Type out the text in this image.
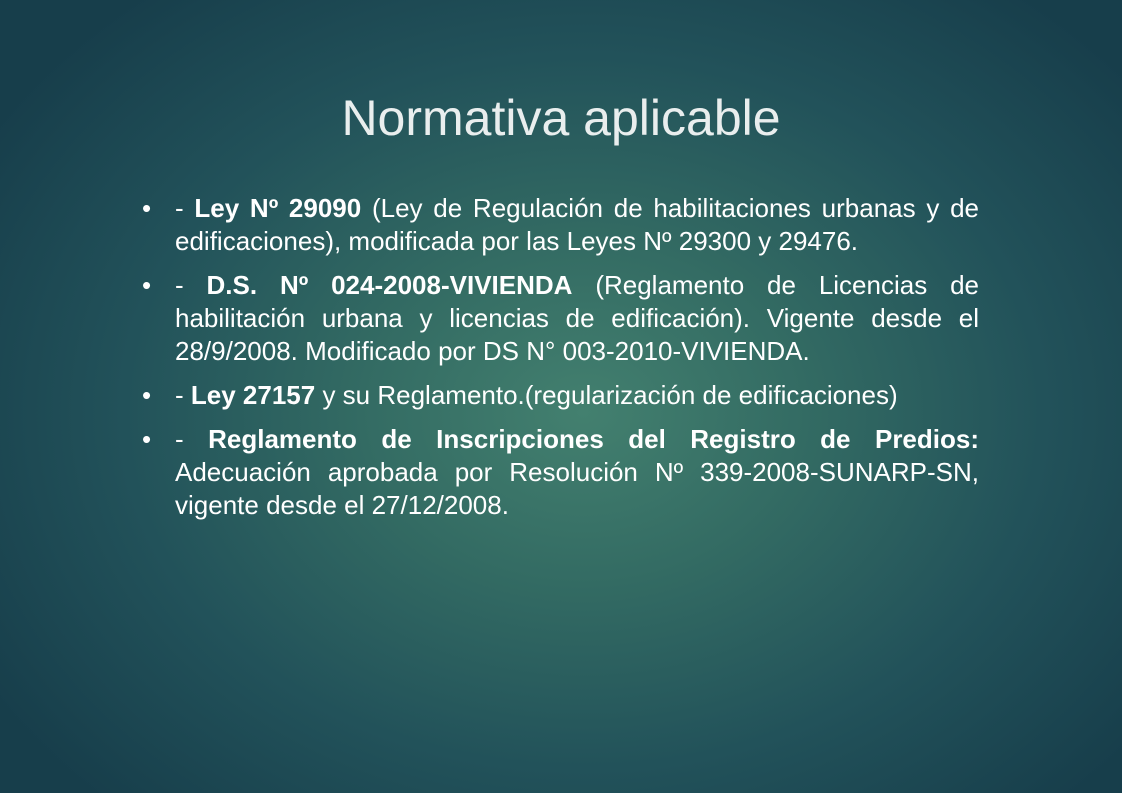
Normativa aplicable
• - Ley Nº 29090 (Ley de Regulación de habilitaciones urbanas y de edificaciones), modificada por las Leyes Nº 29300 y 29476.
• - D.S. Nº 024-2008-VIVIENDA (Reglamento de Licencias de habilitación urbana y licencias de edificación). Vigente desde el 28/9/2008. Modificado por DS N° 003-2010-VIVIENDA.
• - Ley 27157 y su Reglamento.(regularización de edificaciones)
• - Reglamento de Inscripciones del Registro de Predios: Adecuación aprobada por Resolución Nº 339-2008-SUNARP-SN, vigente desde el 27/12/2008.
